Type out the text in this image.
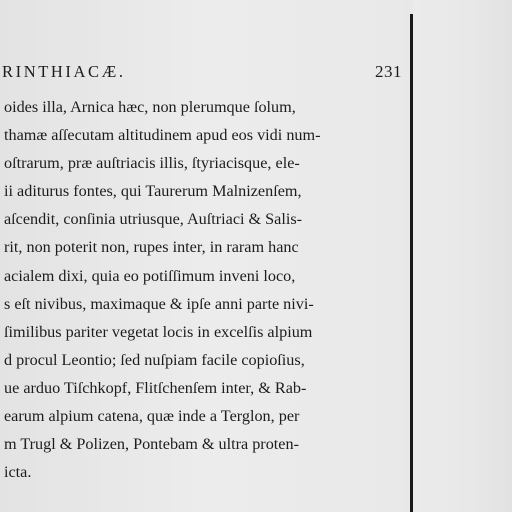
RINTHIACÆ.	231
oides illa, Arnica hæc, non plerumque ſolum,
thamæ aſſecutam altitudinem apud eos vidi num-
oſtrarum, præ auſtriacis illis, ſtyriacisque, ele-
ii aditurus fontes, qui Taurerum Malnizenſem,
aſcendit, conſinia utriusque, Auſtriaci & Salis-
rit, non poterit non, rupes inter, in raram hanc
acialem dixi, quia eo potiſſimum inveni loco,
s eſt nivibus, maximaque & ipſe anni parte nivi-
ſimilibus pariter vegetat locis in excelſis alpium
d procul Leontio; ſed nuſpiam facile copioſius,
ue arduo Tiſchkopf, Flitſchenſem inter, & Rab-
earum alpium catena, quæ inde a Terglon, per
m Trugl & Polizen, Pontebam & ultra proten-
icta.
